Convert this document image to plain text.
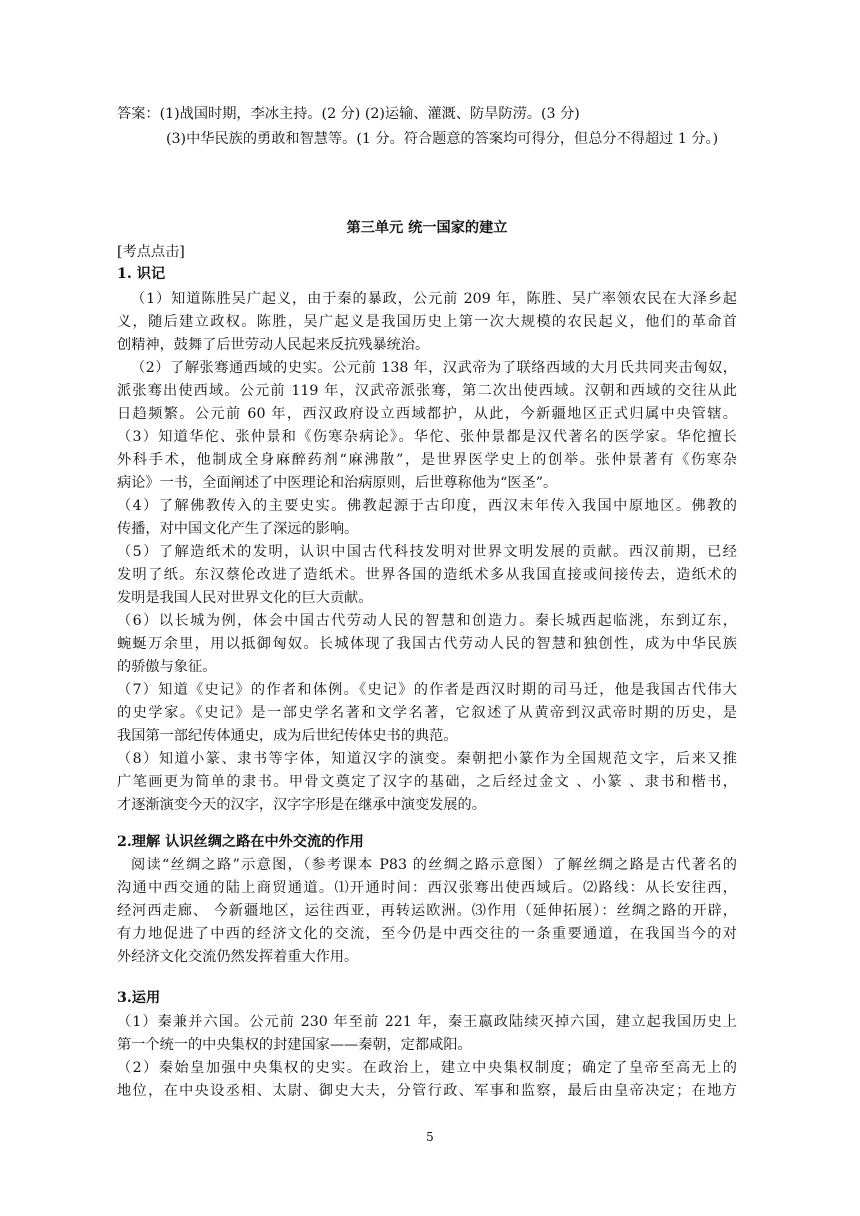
答案：(1)战国时期，李冰主持。(2 分) (2)运输、灌溉、防旱防涝。(3 分)
(3)中华民族的勇敢和智慧等。(1 分。符合题意的答案均可得分，但总分不得超过 1 分。)
第三单元 统一国家的建立
[考点点击]
1. 识记
（1）知道陈胜吴广起义，由于秦的暴政，公元前 209 年，陈胜、吴广率领农民在大泽乡起
义，随后建立政权。陈胜，吴广起义是我国历史上第一次大规模的农民起义，他们的革命首
创精神，鼓舞了后世劳动人民起来反抗残暴统治。
（2）了解张骞通西域的史实。公元前 138 年，汉武帝为了联络西域的大月氏共同夹击匈奴，
派张骞出使西域。公元前 119 年，汉武帝派张骞，第二次出使西域。汉朝和西域的交往从此
日趋频繁。公元前 60 年，西汉政府设立西域都护，从此，今新疆地区正式归属中央管辖。
（3）知道华佗、张仲景和《伤寒杂病论》。华佗、张仲景都是汉代著名的医学家。华佗擅长
外科手术，他制成全身麻醉药剂“麻沸散”，是世界医学史上的创举。张仲景著有《伤寒杂
病论》一书，全面阐述了中医理论和治病原则，后世尊称他为“医圣”。
（4）了解佛教传入的主要史实。佛教起源于古印度，西汉末年传入我国中原地区。佛教的
传播，对中国文化产生了深远的影响。
（5）了解造纸术的发明，认识中国古代科技发明对世界文明发展的贡献。西汉前期，已经
发明了纸。东汉蔡伦改进了造纸术。世界各国的造纸术多从我国直接或间接传去，造纸术的
发明是我国人民对世界文化的巨大贡献。
（6）以长城为例，体会中国古代劳动人民的智慧和创造力。秦长城西起临洮，东到辽东，
蜿蜒万余里，用以抵御匈奴。长城体现了我国古代劳动人民的智慧和独创性，成为中华民族
的骄傲与象征。
（7）知道《史记》的作者和体例。《史记》的作者是西汉时期的司马迁，他是我国古代伟大
的史学家。《史记》是一部史学名著和文学名著，它叙述了从黄帝到汉武帝时期的历史，是
我国第一部纪传体通史，成为后世纪传体史书的典范。
（8）知道小篆、隶书等字体，知道汉字的演变。秦朝把小篆作为全国规范文字，后来又推
广笔画更为简单的隶书。甲骨文奠定了汉字的基础，之后经过金文 、小篆 、隶书和楷书，
才逐渐演变今天的汉字，汉字字形是在继承中演变发展的。
2.理解 认识丝绸之路在中外交流的作用
阅读“丝绸之路”示意图，（参考课本 P83 的丝绸之路示意图）了解丝绸之路是古代著名的
沟通中西交通的陆上商贸通道。⑴开通时间：西汉张骞出使西域后。⑵路线：从长安往西，
经河西走廊、 今新疆地区，运往西亚，再转运欧洲。⑶作用（延伸拓展）：丝绸之路的开辟，
有力地促进了中西的经济文化的交流，至今仍是中西交往的一条重要通道，在我国当今的对
外经济文化交流仍然发挥着重大作用。
3.运用
（1）秦兼并六国。公元前 230 年至前 221 年，秦王嬴政陆续灭掉六国，建立起我国历史上
第一个统一的中央集权的封建国家——秦朝，定都咸阳。
（2）秦始皇加强中央集权的史实。在政治上，建立中央集权制度；确定了皇帝至高无上的
地位，在中央设丞相、太尉、御史大夫，分管行政、军事和监察，最后由皇帝决定；在地方
5
